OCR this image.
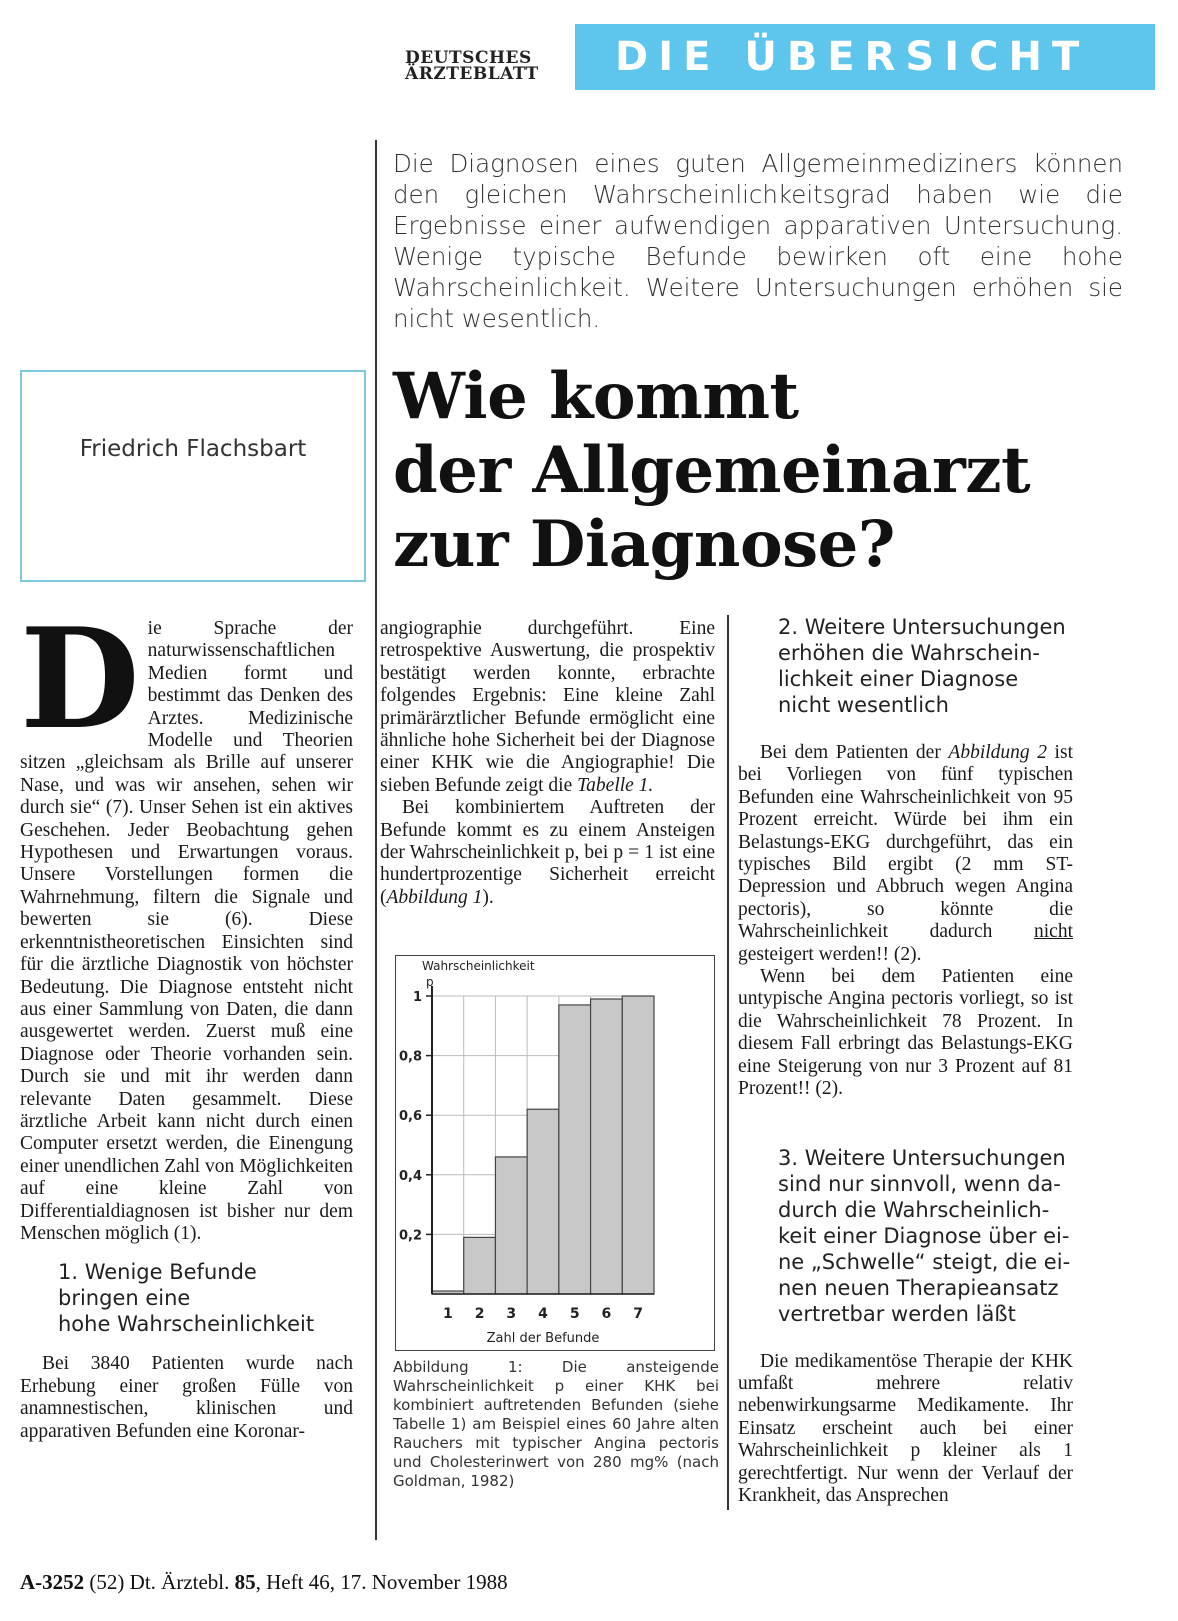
DEUTSCHES
ÄRZTEBLATT	DIE ÜBERSICHT
Die Diagnosen eines guten Allgemeinmediziners können den gleichen Wahrscheinlichkeitsgrad haben wie die Ergebnisse einer aufwendigen apparativen Untersuchung. Wenige typische Befunde bewirken oft eine hohe Wahrscheinlichkeit. Weitere Untersuchungen erhöhen sie nicht wesentlich.
Friedrich Flachsbart
Wie kommt
der Allgemeinarzt
zur Diagnose?

Die Sprache der naturwissenschaftlichen Medien formt und bestimmt das Denken des Arztes. Medizinische Modelle und Theorien sitzen „gleichsam als Brille auf unserer Nase, und was wir ansehen, sehen wir durch sie“ (7). Unser Sehen ist ein aktives Geschehen. Jeder Beobachtung gehen Hypothesen und Erwartungen voraus. Unsere Vorstellungen formen die Wahrnehmung, filtern die Signale und bewerten sie (6). Diese erkenntnistheoretischen Einsichten sind für die ärztliche Diagnostik von höchster Bedeutung. Die Diagnose entsteht nicht aus einer Sammlung von Daten, die dann ausgewertet werden. Zuerst muß eine Diagnose oder Theorie vorhanden sein. Durch sie und mit ihr werden dann relevante Daten gesammelt. Diese ärztliche Arbeit kann nicht durch einen Computer ersetzt werden, die Einengung einer unendlichen Zahl von Möglichkeiten auf eine kleine Zahl von Differentialdiagnosen ist bisher nur dem Menschen möglich (1).

1. Wenige Befunde
bringen eine
hohe Wahrscheinlichkeit

Bei 3840 Patienten wurde nach Erhebung einer großen Fülle von anamnestischen, klinischen und apparativen Befunden eine Koronar-

angiographie durchgeführt. Eine retrospektive Auswertung, die prospektiv bestätigt werden konnte, erbrachte folgendes Ergebnis: Eine kleine Zahl primärärztlicher Befunde ermöglicht eine ähnliche hohe Sicherheit bei der Diagnose einer KHK wie die Angiographie! Die sieben Befunde zeigt die Tabelle 1.

Bei kombiniertem Auftreten der Befunde kommt es zu einem Ansteigen der Wahrscheinlichkeit p, bei p = 1 ist eine hundertprozentige Sicherheit erreicht (Abbildung 1).

0,2
0,4
0,6
0,8
1
1 2 3 4 5 6 7
Wahrscheinlichkeit
p
Zahl der Befunde
Abbildung 1: Die ansteigende Wahrscheinlichkeit p einer KHK bei kombiniert auftretenden Befunden (siehe Tabelle 1) am Beispiel eines 60 Jahre alten Rauchers mit typischer Angina pectoris und Cholesterinwert von 280 mg% (nach Goldman, 1982)
2. Weitere Untersuchungen
erhöhen die Wahrschein-
lichkeit einer Diagnose
nicht wesentlich

Bei dem Patienten der Abbildung 2 ist bei Vorliegen von fünf typischen Befunden eine Wahrscheinlichkeit von 95 Prozent erreicht. Würde bei ihm ein Belastungs-EKG durchgeführt, das ein typisches Bild ergibt (2 mm ST-Depression und Abbruch wegen Angina pectoris), so könnte die Wahrscheinlichkeit dadurch nicht gesteigert werden!! (2).

Wenn bei dem Patienten eine untypische Angina pectoris vorliegt, so ist die Wahrscheinlichkeit 78 Prozent. In diesem Fall erbringt das Belastungs-EKG eine Steigerung von nur 3 Prozent auf 81 Prozent!! (2).

3. Weitere Untersuchungen
sind nur sinnvoll, wenn da-
durch die Wahrscheinlich-
keit einer Diagnose über ei-
ne „Schwelle“ steigt, die ei-
nen neuen Therapieansatz
vertretbar werden läßt

Die medikamentöse Therapie der KHK umfaßt mehrere relativ nebenwirkungsarme Medikamente. Ihr Einsatz erscheint auch bei einer Wahrscheinlichkeit p kleiner als 1 gerechtfertigt. Nur wenn der Verlauf der Krankheit, das Ansprechen

A-3252 (52) Dt. Ärztebl. 85, Heft 46, 17. November 1988
